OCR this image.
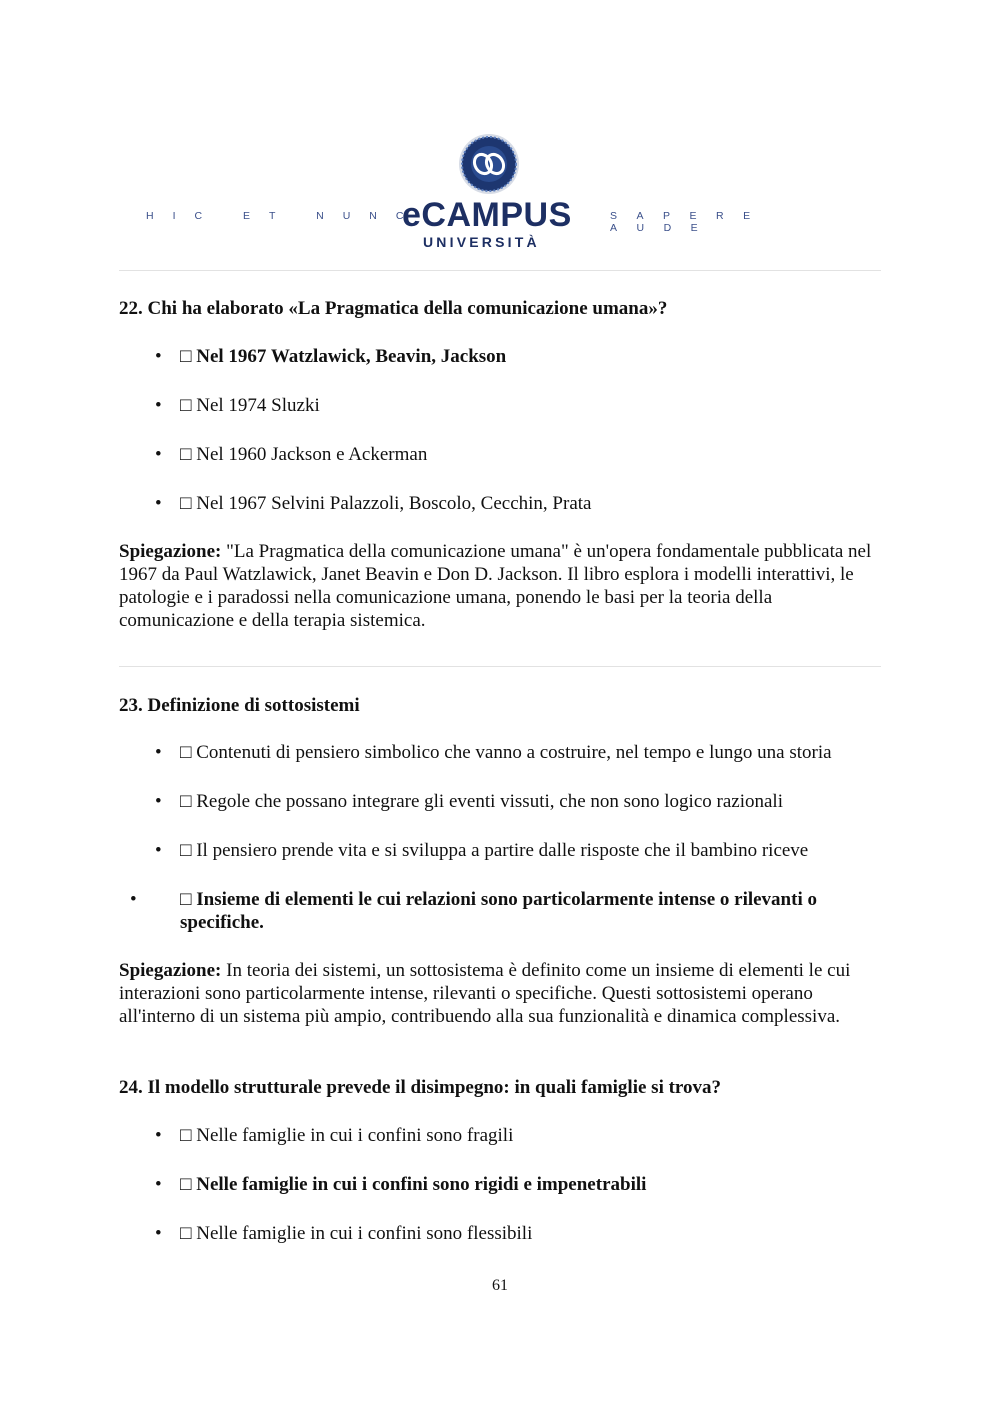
HIC ET NUNC
eCAMPUS
UNIVERSITÀ
SAPERE AUDE
22. Chi ha elaborato «La Pragmatica della comunicazione umana»?
• □ Nel 1967 Watzlawick, Beavin, Jackson
• □ Nel 1974 Sluzki
• □ Nel 1960 Jackson e Ackerman
• □ Nel 1967 Selvini Palazzoli, Boscolo, Cecchin, Prata
Spiegazione: "La Pragmatica della comunicazione umana" è un'opera fondamentale pubblicata nel 1967 da Paul Watzlawick, Janet Beavin e Don D. Jackson. Il libro esplora i modelli interattivi, le patologie e i paradossi nella comunicazione umana, ponendo le basi per la teoria della comunicazione e della terapia sistemica.
23. Definizione di sottosistemi
• □ Contenuti di pensiero simbolico che vanno a costruire, nel tempo e lungo una storia
• □ Regole che possano integrare gli eventi vissuti, che non sono logico razionali
• □ Il pensiero prende vita e si sviluppa a partire dalle risposte che il bambino riceve
• □ Insieme di elementi le cui relazioni sono particolarmente intense o rilevanti o specifiche.
Spiegazione: In teoria dei sistemi, un sottosistema è definito come un insieme di elementi le cui interazioni sono particolarmente intense, rilevanti o specifiche. Questi sottosistemi operano all'interno di un sistema più ampio, contribuendo alla sua funzionalità e dinamica complessiva.
24. Il modello strutturale prevede il disimpegno: in quali famiglie si trova?
• □ Nelle famiglie in cui i confini sono fragili
• □ Nelle famiglie in cui i confini sono rigidi e impenetrabili
• □ Nelle famiglie in cui i confini sono flessibili
61
